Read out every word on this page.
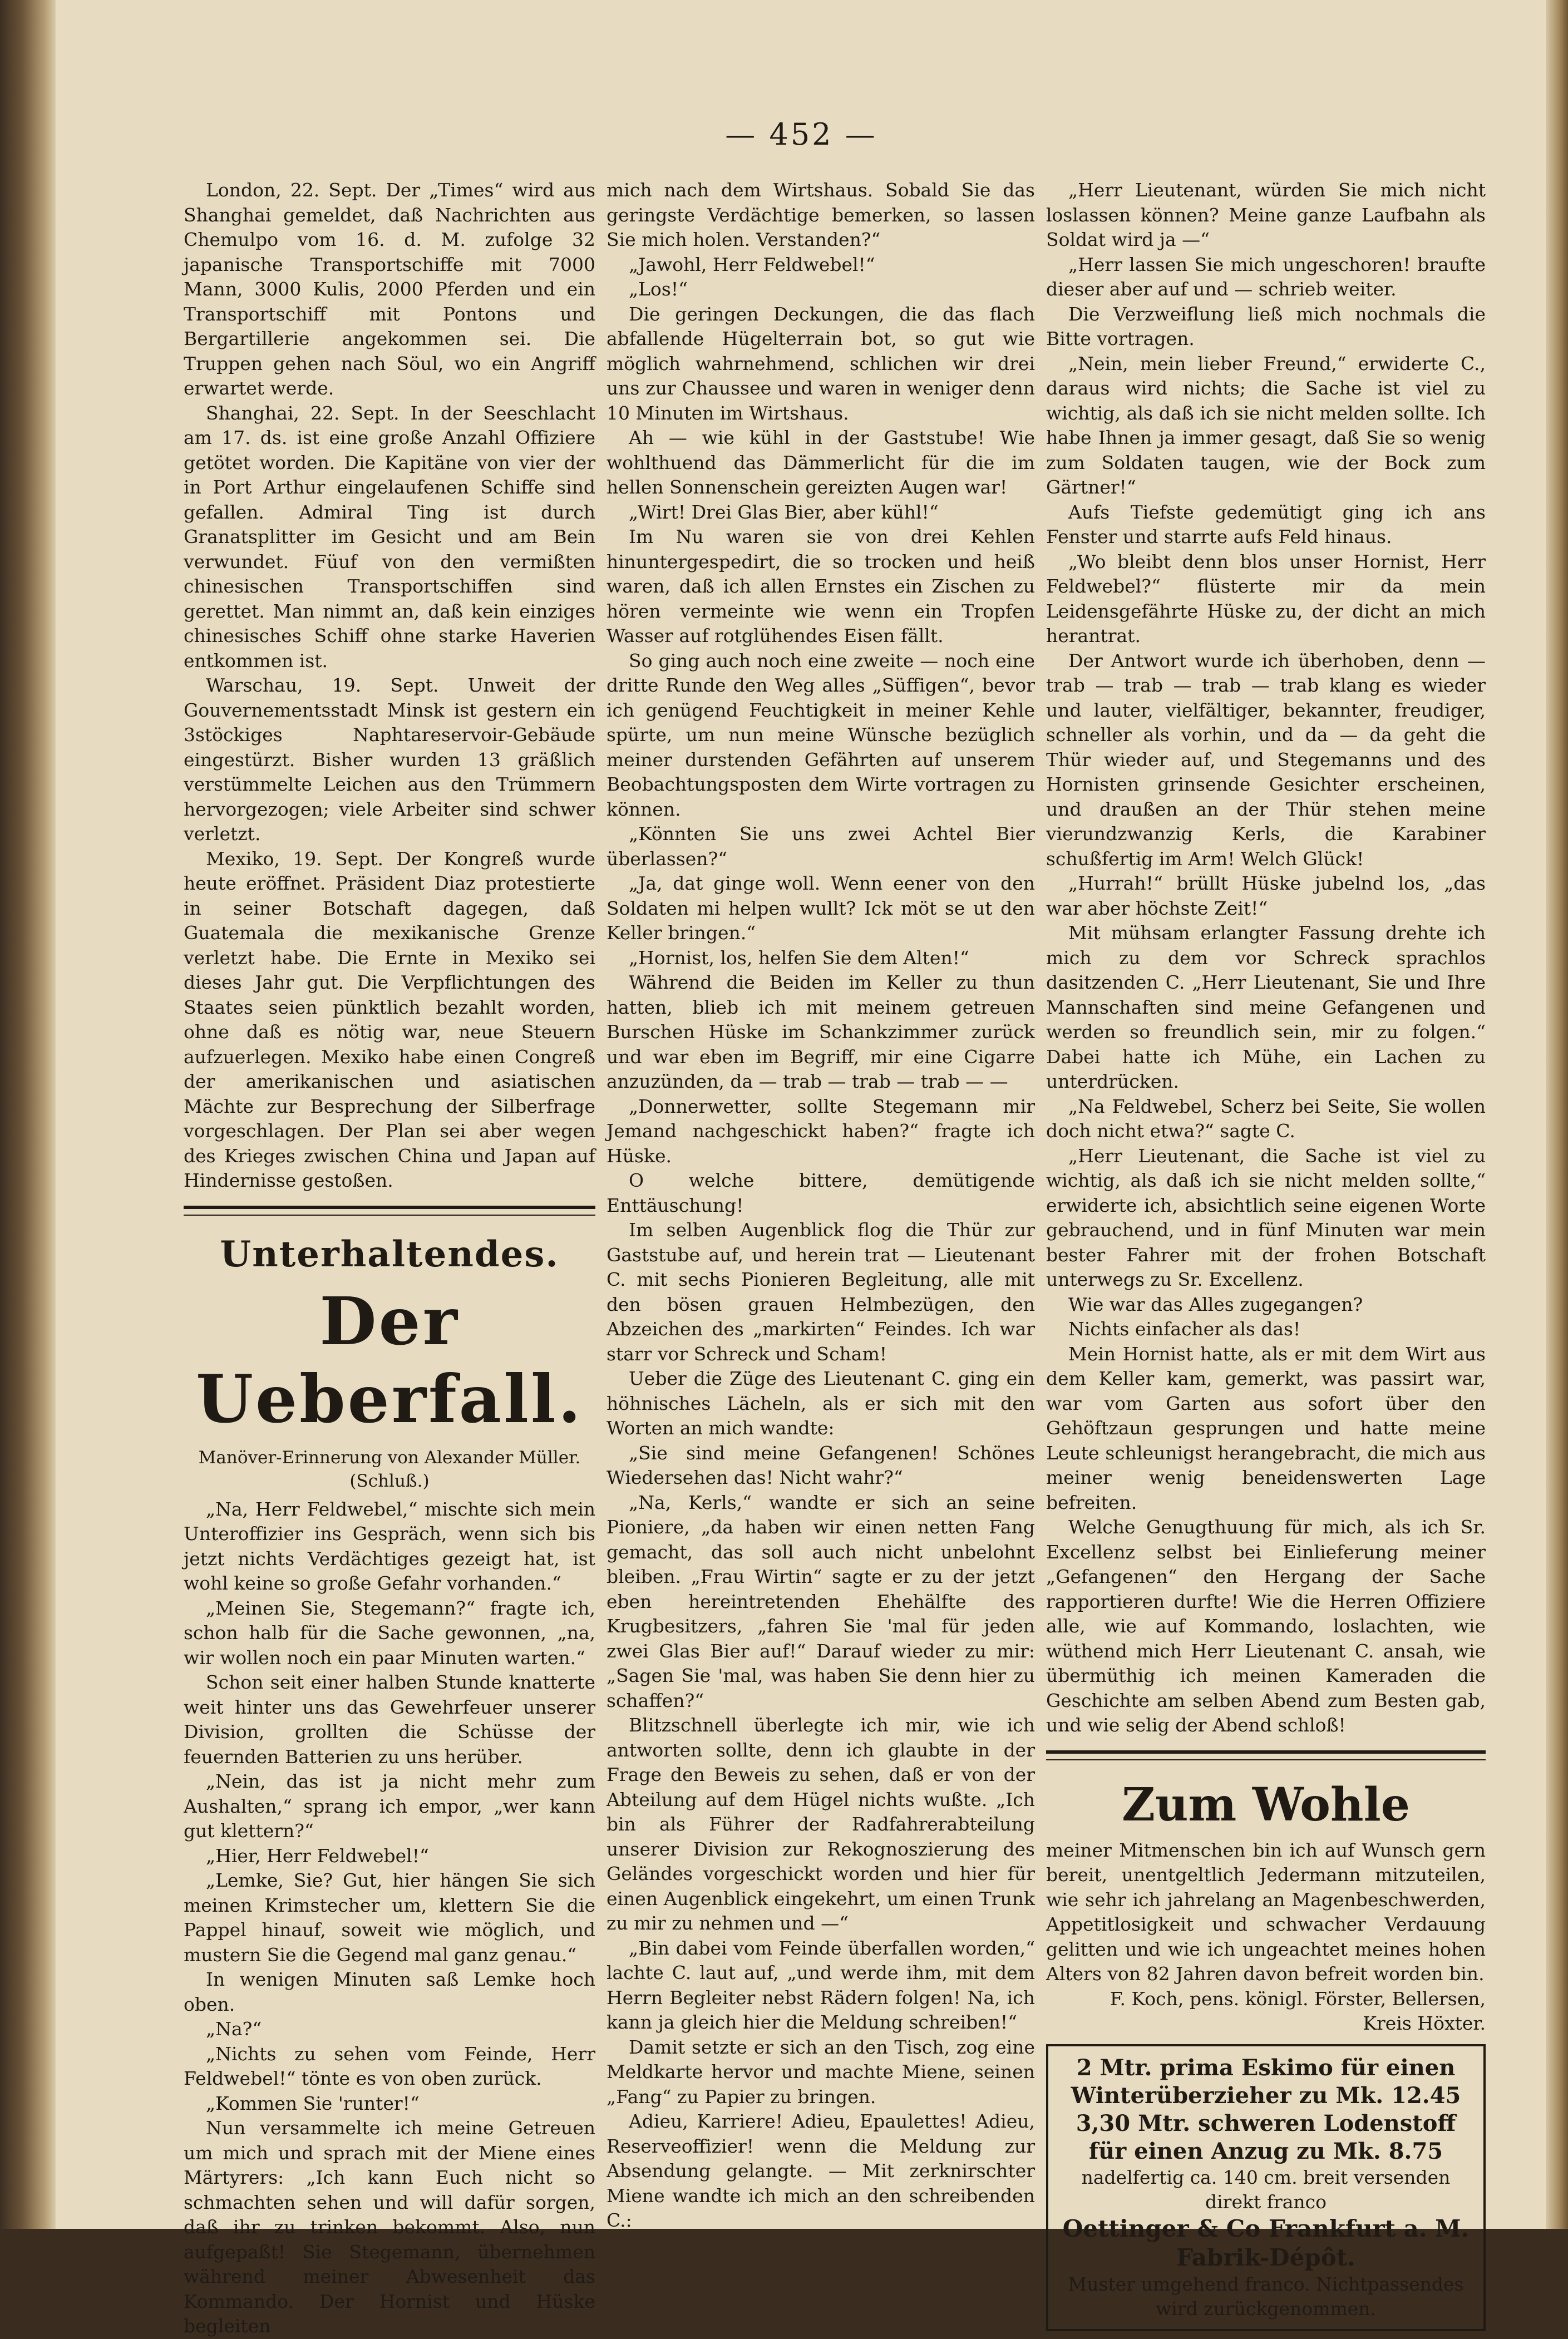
— 452 —

London, 22. Sept. Der „Times“ wird aus Shanghai gemeldet, daß Nachrichten aus Chemulpo vom 16. d. M. zufolge 32 japanische Transportschiffe mit 7000 Mann, 3000 Kulis, 2000 Pferden und ein Transportschiff mit Pontons und Bergartillerie angekommen sei. Die Truppen gehen nach Söul, wo ein Angriff erwartet werde.

Shanghai, 22. Sept. In der Seeschlacht am 17. ds. ist eine große Anzahl Offiziere getötet worden. Die Kapitäne von vier der in Port Arthur eingelaufenen Schiffe sind gefallen. Admiral Ting ist durch Granatsplitter im Gesicht und am Bein verwundet. Füuf von den vermißten chinesischen Transportschiffen sind gerettet. Man nimmt an, daß kein einziges chinesisches Schiff ohne starke Haverien entkommen ist.

Warschau, 19. Sept. Unweit der Gouvernementsstadt Minsk ist gestern ein 3stöckiges Naphtareservoir-Gebäude eingestürzt. Bisher wurden 13 gräßlich verstümmelte Leichen aus den Trümmern hervorgezogen; viele Arbeiter sind schwer verletzt.

Mexiko, 19. Sept. Der Kongreß wurde heute eröffnet. Präsident Diaz protestierte in seiner Botschaft dagegen, daß Guatemala die mexikanische Grenze verletzt habe. Die Ernte in Mexiko sei dieses Jahr gut. Die Verpflichtungen des Staates seien pünktlich bezahlt worden, ohne daß es nötig war, neue Steuern aufzuerlegen. Mexiko habe einen Congreß der amerikanischen und asiatischen Mächte zur Besprechung der Silberfrage vorgeschlagen. Der Plan sei aber wegen des Krieges zwischen China und Japan auf Hindernisse gestoßen.

Unterhaltendes.
Der Ueberfall.

Manöver-Erinnerung von Alexander Müller.

(Schluß.)

„Na, Herr Feldwebel,“ mischte sich mein Unteroffizier ins Gespräch, wenn sich bis jetzt nichts Verdächtiges gezeigt hat, ist wohl keine so große Gefahr vorhanden.“

„Meinen Sie, Stegemann?“ fragte ich, schon halb für die Sache gewonnen, „na, wir wollen noch ein paar Minuten warten.“

Schon seit einer halben Stunde knatterte weit hinter uns das Gewehrfeuer unserer Division, grollten die Schüsse der feuernden Batterien zu uns herüber.

„Nein, das ist ja nicht mehr zum Aushalten,“ sprang ich empor, „wer kann gut klettern?“

„Hier, Herr Feldwebel!“

„Lemke, Sie? Gut, hier hängen Sie sich meinen Krimstecher um, klettern Sie die Pappel hinauf, soweit wie möglich, und mustern Sie die Gegend mal ganz genau.“

In wenigen Minuten saß Lemke hoch oben.

„Na?“

„Nichts zu sehen vom Feinde, Herr Feldwebel!“ tönte es von oben zurück.

„Kommen Sie 'runter!“

Nun versammelte ich meine Getreuen um mich und sprach mit der Miene eines Märtyrers: „Ich kann Euch nicht so schmachten sehen und will dafür sorgen, daß ihr zu trinken bekommt. Also, nun aufgepaßt! Sie Stegemann, übernehmen während meiner Abwesenheit das Kommando. Der Hornist und Hüske begleiten

mich nach dem Wirtshaus. Sobald Sie das geringste Verdächtige bemerken, so lassen Sie mich holen. Verstanden?“

„Jawohl, Herr Feldwebel!“

„Los!“

Die geringen Deckungen, die das flach abfallende Hügelterrain bot, so gut wie möglich wahrnehmend, schlichen wir drei uns zur Chaussee und waren in weniger denn 10 Minuten im Wirtshaus.

Ah — wie kühl in der Gaststube! Wie wohlthuend das Dämmerlicht für die im hellen Sonnenschein gereizten Augen war!

„Wirt! Drei Glas Bier, aber kühl!“

Im Nu waren sie von drei Kehlen hinuntergespedirt, die so trocken und heiß waren, daß ich allen Ernstes ein Zischen zu hören vermeinte wie wenn ein Tropfen Wasser auf rotglühendes Eisen fällt.

So ging auch noch eine zweite — noch eine dritte Runde den Weg alles „Süffigen“, bevor ich genügend Feuchtigkeit in meiner Kehle spürte, um nun meine Wünsche bezüglich meiner durstenden Gefährten auf unserem Beobachtungsposten dem Wirte vortragen zu können.

„Könnten Sie uns zwei Achtel Bier überlassen?“

„Ja, dat ginge woll. Wenn eener von den Soldaten mi helpen wullt? Ick möt se ut den Keller bringen.“

„Hornist, los, helfen Sie dem Alten!“

Während die Beiden im Keller zu thun hatten, blieb ich mit meinem getreuen Burschen Hüske im Schankzimmer zurück und war eben im Begriff, mir eine Cigarre anzuzünden, da — trab — trab — trab — —

„Donnerwetter, sollte Stegemann mir Jemand nachgeschickt haben?“ fragte ich Hüske.

O welche bittere, demütigende Enttäuschung!

Im selben Augenblick flog die Thür zur Gaststube auf, und herein trat — Lieutenant C. mit sechs Pionieren Begleitung, alle mit den bösen grauen Helmbezügen, den Abzeichen des „markirten“ Feindes. Ich war starr vor Schreck und Scham!

Ueber die Züge des Lieutenant C. ging ein höhnisches Lächeln, als er sich mit den Worten an mich wandte:

„Sie sind meine Gefangenen! Schönes Wiedersehen das! Nicht wahr?“

„Na, Kerls,“ wandte er sich an seine Pioniere, „da haben wir einen netten Fang gemacht, das soll auch nicht unbelohnt bleiben. „Frau Wirtin“ sagte er zu der jetzt eben hereintretenden Ehehälfte des Krugbesitzers, „fahren Sie 'mal für jeden zwei Glas Bier auf!“ Darauf wieder zu mir: „Sagen Sie 'mal, was haben Sie denn hier zu schaffen?“

Blitzschnell überlegte ich mir, wie ich antworten sollte, denn ich glaubte in der Frage den Beweis zu sehen, daß er von der Abteilung auf dem Hügel nichts wußte. „Ich bin als Führer der Radfahrerabteilung unserer Division zur Rekognoszierung des Geländes vorgeschickt worden und hier für einen Augenblick eingekehrt, um einen Trunk zu mir zu nehmen und —“

„Bin dabei vom Feinde überfallen worden,“ lachte C. laut auf, „und werde ihm, mit dem Herrn Begleiter nebst Rädern folgen! Na, ich kann ja gleich hier die Meldung schreiben!“

Damit setzte er sich an den Tisch, zog eine Meldkarte hervor und machte Miene, seinen „Fang“ zu Papier zu bringen.

Adieu, Karriere! Adieu, Epaulettes! Adieu, Reserveoffizier! wenn die Meldung zur Absendung gelangte. — Mit zerknirschter Miene wandte ich mich an den schreibenden C.:

„Herr Lieutenant, würden Sie mich nicht loslassen können? Meine ganze Laufbahn als Soldat wird ja —“

„Herr lassen Sie mich ungeschoren! braufte dieser aber auf und — schrieb weiter.

Die Verzweiflung ließ mich nochmals die Bitte vortragen.

„Nein, mein lieber Freund,“ erwiderte C., daraus wird nichts; die Sache ist viel zu wichtig, als daß ich sie nicht melden sollte. Ich habe Ihnen ja immer gesagt, daß Sie so wenig zum Soldaten taugen, wie der Bock zum Gärtner!“

Aufs Tiefste gedemütigt ging ich ans Fenster und starrte aufs Feld hinaus.

„Wo bleibt denn blos unser Hornist, Herr Feldwebel?“ flüsterte mir da mein Leidensgefährte Hüske zu, der dicht an mich herantrat.

Der Antwort wurde ich überhoben, denn — trab — trab — trab — trab klang es wieder und lauter, vielfältiger, bekannter, freudiger, schneller als vorhin, und da — da geht die Thür wieder auf, und Stegemanns und des Hornisten grinsende Gesichter erscheinen, und draußen an der Thür stehen meine vierundzwanzig Kerls, die Karabiner schußfertig im Arm! Welch Glück!

„Hurrah!“ brüllt Hüske jubelnd los, „das war aber höchste Zeit!“

Mit mühsam erlangter Fassung drehte ich mich zu dem vor Schreck sprachlos dasitzenden C. „Herr Lieutenant, Sie und Ihre Mannschaften sind meine Gefangenen und werden so freundlich sein, mir zu folgen.“ Dabei hatte ich Mühe, ein Lachen zu unterdrücken.

„Na Feldwebel, Scherz bei Seite, Sie wollen doch nicht etwa?“ sagte C.

„Herr Lieutenant, die Sache ist viel zu wichtig, als daß ich sie nicht melden sollte,“ erwiderte ich, absichtlich seine eigenen Worte gebrauchend, und in fünf Minuten war mein bester Fahrer mit der frohen Botschaft unterwegs zu Sr. Excellenz.

Wie war das Alles zugegangen?

Nichts einfacher als das!

Mein Hornist hatte, als er mit dem Wirt aus dem Keller kam, gemerkt, was passirt war, war vom Garten aus sofort über den Gehöftzaun gesprungen und hatte meine Leute schleunigst herangebracht, die mich aus meiner wenig beneidenswerten Lage befreiten.

Welche Genugthuung für mich, als ich Sr. Excellenz selbst bei Einlieferung meiner „Gefangenen“ den Hergang der Sache rapportieren durfte! Wie die Herren Offiziere alle, wie auf Kommando, loslachten, wie wüthend mich Herr Lieutenant C. ansah, wie übermüthig ich meinen Kameraden die Geschichte am selben Abend zum Besten gab, und wie selig der Abend schloß!

Zum Wohle

meiner Mitmenschen bin ich auf Wunsch gern bereit, unentgeltlich Jedermann mitzuteilen, wie sehr ich jahrelang an Magenbeschwerden, Appetitlosigkeit und schwacher Verdauung gelitten und wie ich ungeachtet meines hohen Alters von 82 Jahren davon befreit worden bin.

F. Koch, pens. königl. Förster, Bellersen, Kreis Höxter.

2 Mtr. prima Eskimo für einen Winterüberzieher zu Mk. 12.45
3,30 Mtr. schweren Lodenstoff für einen Anzug zu Mk. 8.75
nadelfertig ca. 140 cm. breit versenden direkt franco
Oettinger & Co Frankfurt a. M. Fabrik-Dépôt.
Muster umgehend franco. Nichtpassendes wird zurückgenommen.
